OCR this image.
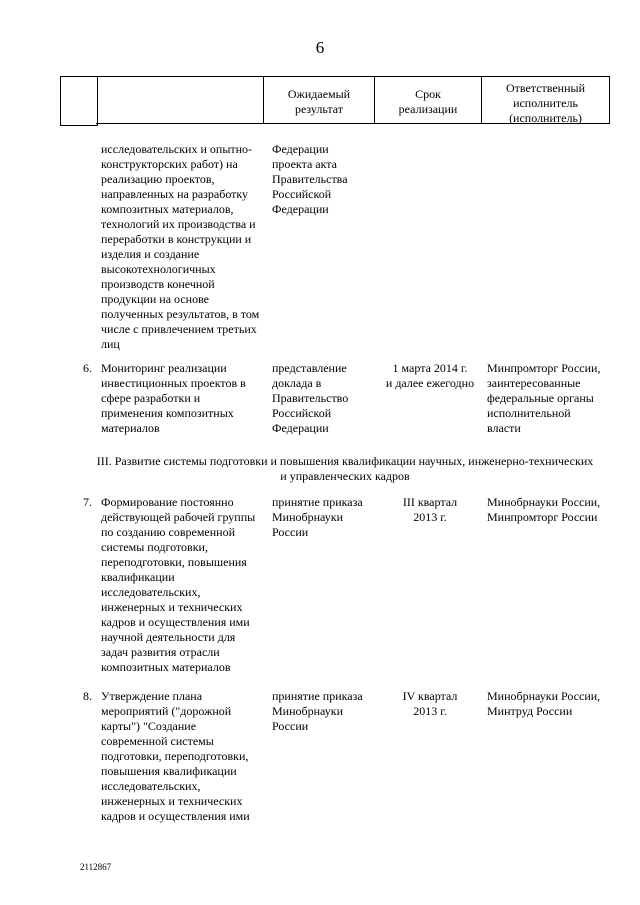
6
Ожидаемый
результат
Срок
реализации
Ответственный
исполнитель
(исполнитель)
исследовательских и опытно-
конструкторских работ) на
реализацию проектов,
направленных на разработку
композитных материалов,
технологий их производства и
переработки в конструкции и
изделия и создание
высокотехнологичных
производств конечной
продукции на основе
полученных результатов, в том
числе с привлечением третьих
лиц
Федерации
проекта акта
Правительства
Российской
Федерации
6. Мониторинг реализации
инвестиционных проектов в
сфере разработки и
применения композитных
материалов
представление
доклада в
Правительство
Российской
Федерации
1 марта 2014 г.
и далее ежегодно
Минпромторг России,
заинтересованные
федеральные органы
исполнительной
власти
III. Развитие системы подготовки и повышения квалификации научных, инженерно-технических
и управленческих кадров
7. Формирование постоянно
действующей рабочей группы
по созданию современной
системы подготовки,
переподготовки, повышения
квалификации
исследовательских,
инженерных и технических
кадров и осуществления ими
научной деятельности для
задач развития отрасли
композитных материалов
принятие приказа
Минобрнауки
России
III квартал
2013 г.
Минобрнауки России,
Минпромторг России
8. Утверждение плана
мероприятий ("дорожной
карты") "Создание
современной системы
подготовки, переподготовки,
повышения квалификации
исследовательских,
инженерных и технических
кадров и осуществления ими
принятие приказа
Минобрнауки
России
IV квартал
2013 г.
Минобрнауки России,
Минтруд России
2112867
